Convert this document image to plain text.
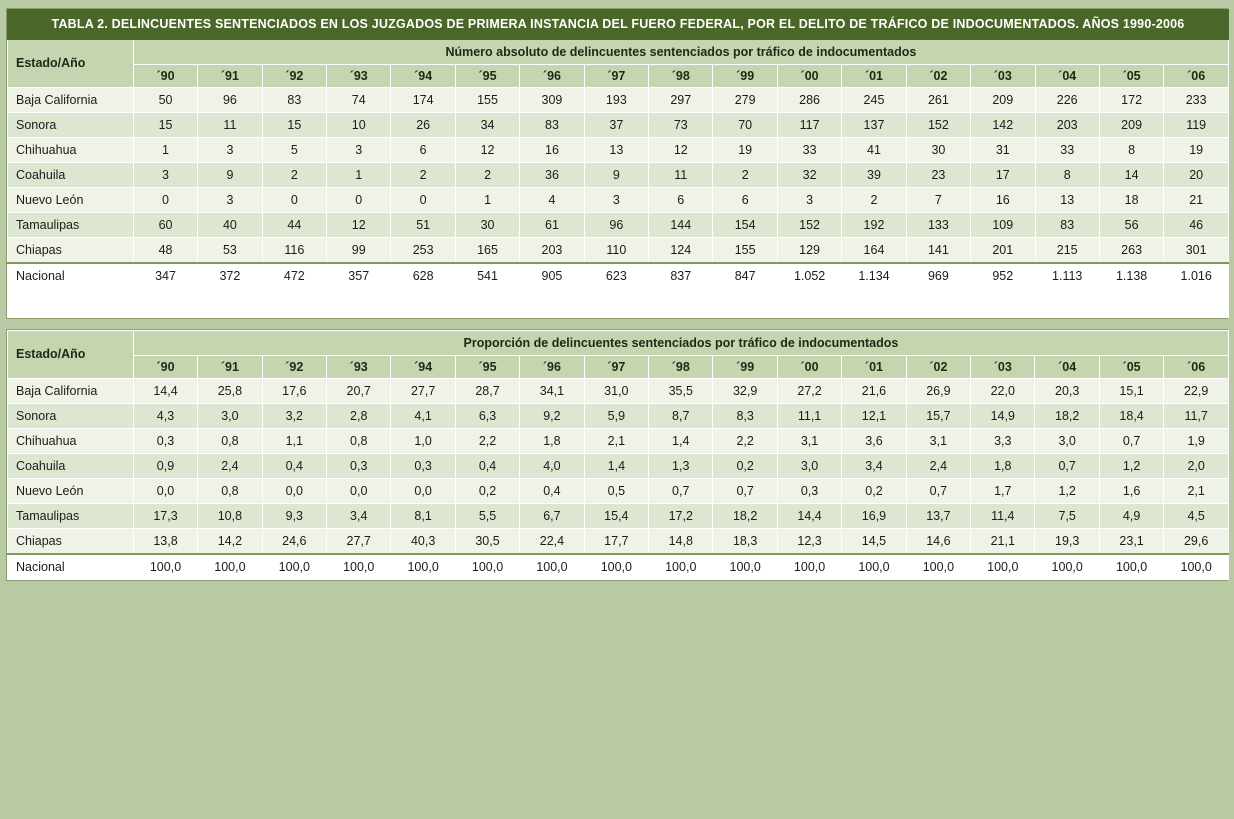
TABLA 2. DELINCUENTES SENTENCIADOS EN LOS JUZGADOS DE PRIMERA INSTANCIA DEL FUERO FEDERAL, POR EL DELITO DE TRÁFICO DE INDOCUMENTADOS. AÑOS 1990-2006																	
Estado/Año	Número absoluto de delincuentes sentenciados por tráfico de indocumentados																
	´90	´91	´92	´93	´94	´95	´96	´97	´98	´99	´00	´01	´02	´03	´04	´05	´06
Baja California	50	96	83	74	174	155	309	193	297	279	286	245	261	209	226	172	233
Sonora	15	11	15	10	26	34	83	37	73	70	117	137	152	142	203	209	119
Chihuahua	1	3	5	3	6	12	16	13	12	19	33	41	30	31	33	8	19
Coahuila	3	9	2	1	2	2	36	9	11	2	32	39	23	17	8	14	20
Nuevo León	0	3	0	0	0	1	4	3	6	6	3	2	7	16	13	18	21
Tamaulipas	60	40	44	12	51	30	61	96	144	154	152	192	133	109	83	56	46
Chiapas	48	53	116	99	253	165	203	110	124	155	129	164	141	201	215	263	301
Nacional	347	372	472	357	628	541	905	623	837	847	1.052	1.134	969	952	1.113	1.138	1.016

Estado/Año	Proporción de delincuentes sentenciados por tráfico de indocumentados																
	´90	´91	´92	´93	´94	´95	´96	´97	´98	´99	´00	´01	´02	´03	´04	´05	´06
Baja California	14,4	25,8	17,6	20,7	27,7	28,7	34,1	31,0	35,5	32,9	27,2	21,6	26,9	22,0	20,3	15,1	22,9
Sonora	4,3	3,0	3,2	2,8	4,1	6,3	9,2	5,9	8,7	8,3	11,1	12,1	15,7	14,9	18,2	18,4	11,7
Chihuahua	0,3	0,8	1,1	0,8	1,0	2,2	1,8	2,1	1,4	2,2	3,1	3,6	3,1	3,3	3,0	0,7	1,9
Coahuila	0,9	2,4	0,4	0,3	0,3	0,4	4,0	1,4	1,3	0,2	3,0	3,4	2,4	1,8	0,7	1,2	2,0
Nuevo León	0,0	0,8	0,0	0,0	0,0	0,2	0,4	0,5	0,7	0,7	0,3	0,2	0,7	1,7	1,2	1,6	2,1
Tamaulipas	17,3	10,8	9,3	3,4	8,1	5,5	6,7	15,4	17,2	18,2	14,4	16,9	13,7	11,4	7,5	4,9	4,5
Chiapas	13,8	14,2	24,6	27,7	40,3	30,5	22,4	17,7	14,8	18,3	12,3	14,5	14,6	21,1	19,3	23,1	29,6
Nacional	100,0	100,0	100,0	100,0	100,0	100,0	100,0	100,0	100,0	100,0	100,0	100,0	100,0	100,0	100,0	100,0	100,0
